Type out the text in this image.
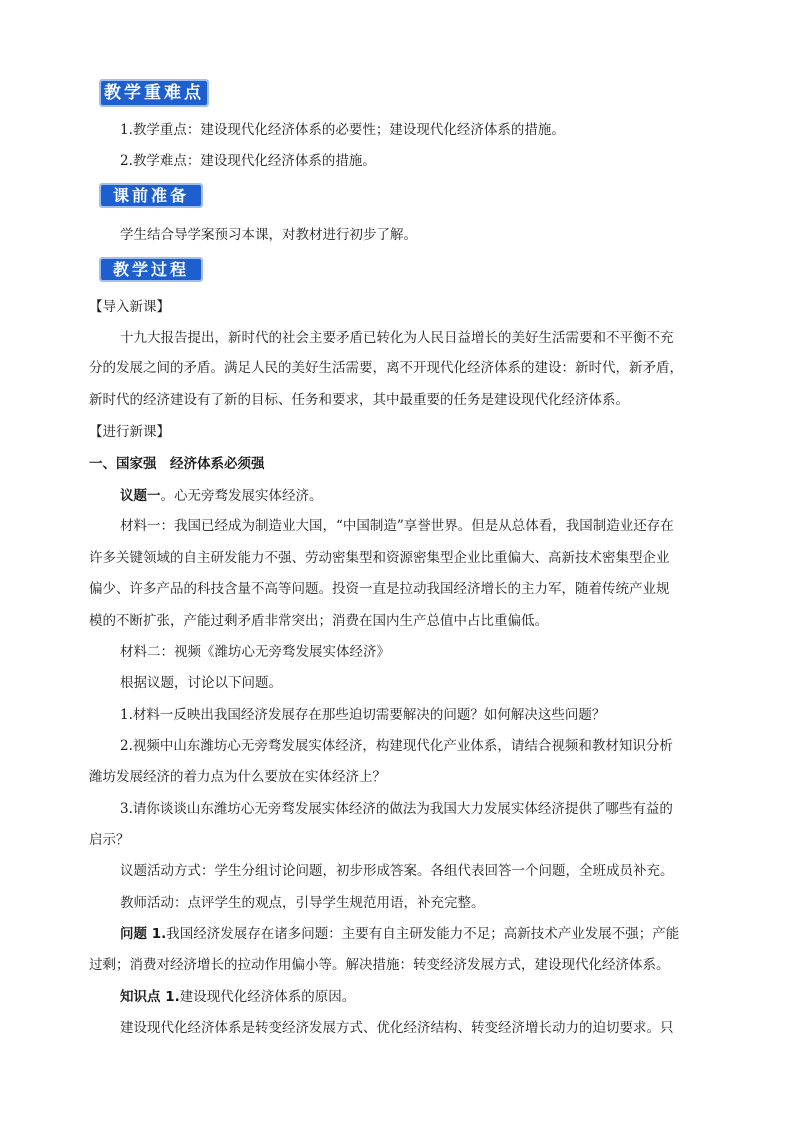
教学重难点
1.教学重点：建设现代化经济体系的必要性；建设现代化经济体系的措施。
2.教学难点：建设现代化经济体系的措施。
课前准备
学生结合导学案预习本课，对教材进行初步了解。
教学过程
【导入新课】
十九大报告提出，新时代的社会主要矛盾已转化为人民日益增长的美好生活需要和不平衡不充
分的发展之间的矛盾。满足人民的美好生活需要，离不开现代化经济体系的建设：新时代，新矛盾，
新时代的经济建设有了新的目标、任务和要求，其中最重要的任务是建设现代化经济体系。
【进行新课】
一、国家强　经济体系必须强
议题一。心无旁骛发展实体经济。
材料一：我国已经成为制造业大国，“中国制造”享誉世界。但是从总体看，我国制造业还存在
许多关键领域的自主研发能力不强、劳动密集型和资源密集型企业比重偏大、高新技术密集型企业
偏少、许多产品的科技含量不高等问题。投资一直是拉动我国经济增长的主力军，随着传统产业规
模的不断扩张，产能过剩矛盾非常突出；消费在国内生产总值中占比重偏低。
材料二：视频《潍坊心无旁骛发展实体经济》
根据议题，讨论以下问题。
1.材料一反映出我国经济发展存在那些迫切需要解决的问题？如何解决这些问题？
2.视频中山东潍坊心无旁骛发展实体经济，构建现代化产业体系，请结合视频和教材知识分析
潍坊发展经济的着力点为什么要放在实体经济上？
3.请你谈谈山东潍坊心无旁骛发展实体经济的做法为我国大力发展实体经济提供了哪些有益的
启示？
议题活动方式：学生分组讨论问题，初步形成答案。各组代表回答一个问题，全班成员补充。
教师活动：点评学生的观点，引导学生规范用语，补充完整。
问题 1.我国经济发展存在诸多问题：主要有自主研发能力不足；高新技术产业发展不强；产能
过剩；消费对经济增长的拉动作用偏小等。解决措施：转变经济发展方式，建设现代化经济体系。
知识点 1.建设现代化经济体系的原因。
建设现代化经济体系是转变经济发展方式、优化经济结构、转变经济增长动力的迫切要求。只
